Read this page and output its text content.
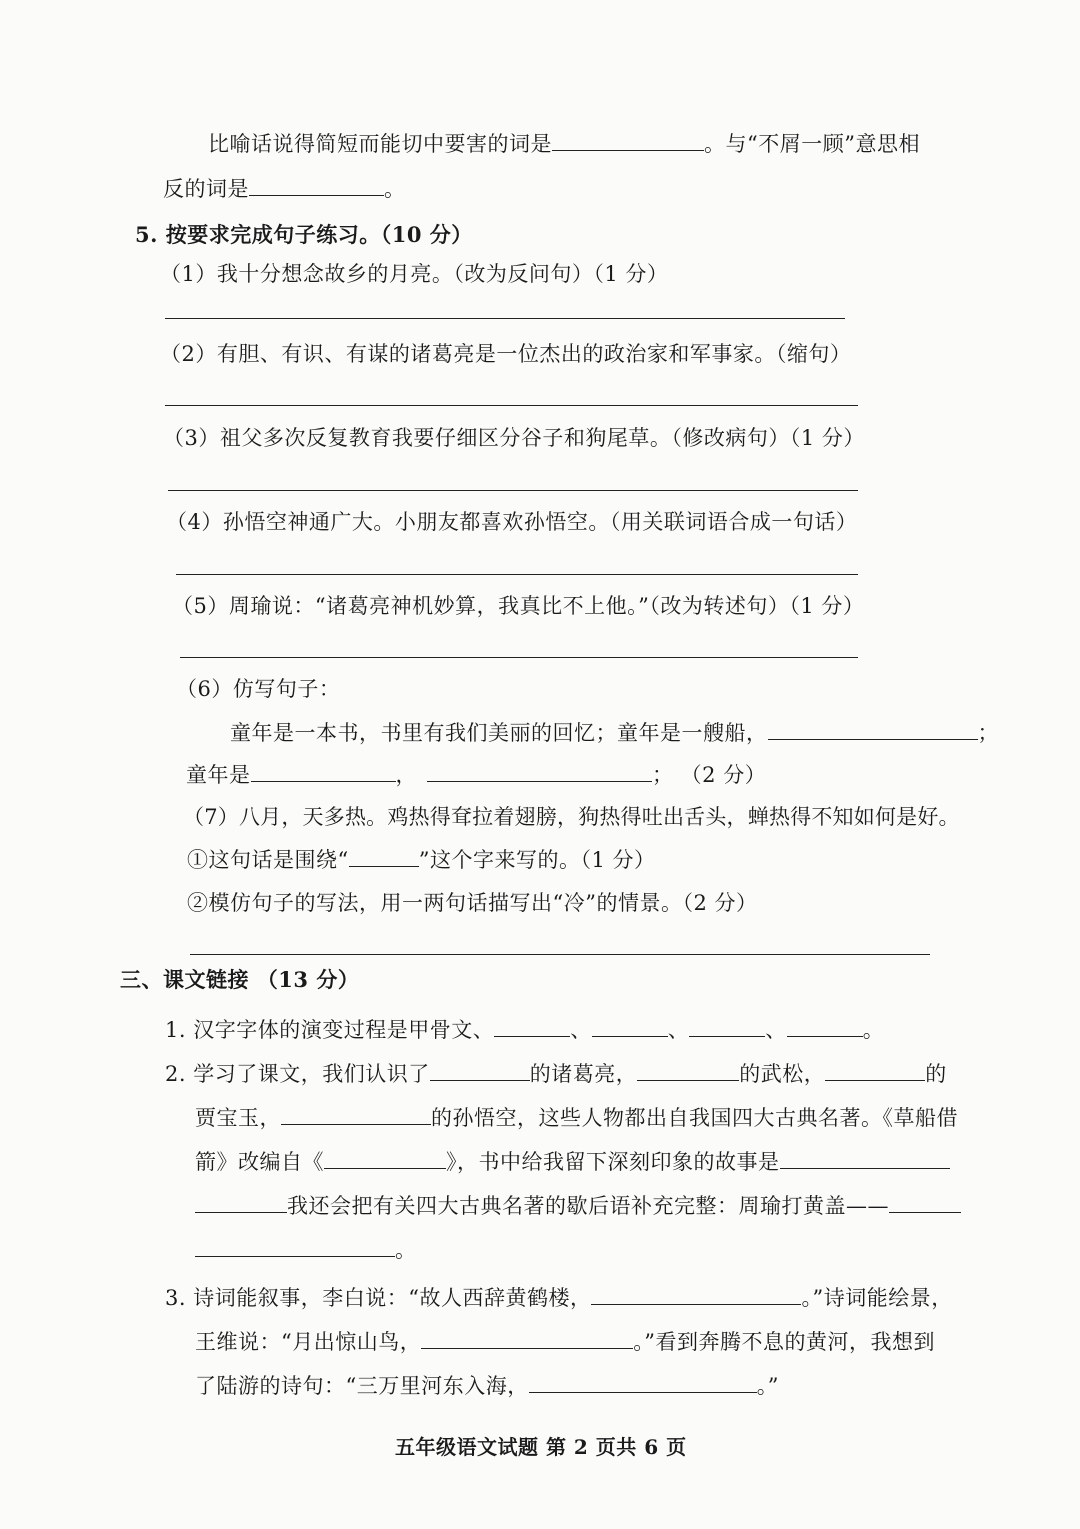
比喻话说得简短而能切中要害的词是	。与“不屑一顾”意思相
反的词是	。
5. 按要求完成句子练习。（10 分）
（1）我十分想念故乡的月亮。（改为反问句）（1 分）
（2）有胆、有识、有谋的诸葛亮是一位杰出的政治家和军事家。（缩句）
（3）祖父多次反复教育我要仔细区分谷子和狗尾草。（修改病句）（1 分）
（4）孙悟空神通广大。小朋友都喜欢孙悟空。（用关联词语合成一句话）
（5）周瑜说：“诸葛亮神机妙算，我真比不上他。”（改为转述句）（1 分）
（6）仿写句子：
童年是一本书，书里有我们美丽的回忆；童年是一艘船，	；
童年是	，	； （2 分）
（7）八月，天多热。鸡热得耷拉着翅膀，狗热得吐出舌头，蝉热得不知如何是好。
①这句话是围绕“	”这个字来写的。（1 分）
②模仿句子的写法，用一两句话描写出“冷”的情景。（2 分）
三、课文链接 （13 分）
1. 汉字字体的演变过程是甲骨文、	、	、	、	。
2. 学习了课文，我们认识了	的诸葛亮，	的武松，	的
贾宝玉，	的孙悟空，这些人物都出自我国四大古典名著。《草船借
箭》改编自《	》，书中给我留下深刻印象的故事是
我还会把有关四大古典名著的歇后语补充完整：周瑜打黄盖——
。
3. 诗词能叙事，李白说：“故人西辞黄鹤楼，	。”诗词能绘景，
王维说：“月出惊山鸟，	。”看到奔腾不息的黄河，我想到
了陆游的诗句：“三万里河东入海，	。”
五年级语文试题 第 2 页共 6 页
